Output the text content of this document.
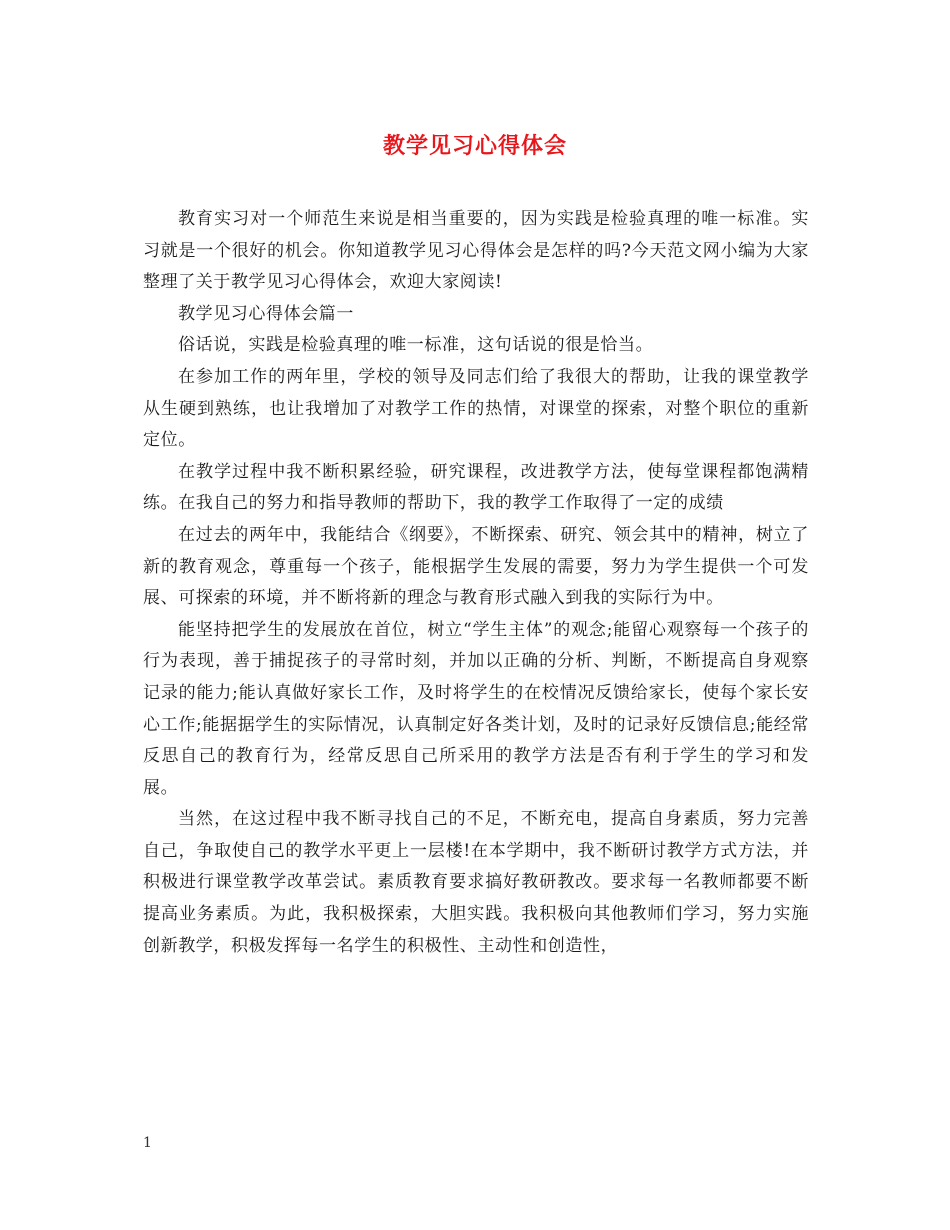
教学见习心得体会

教育实习对一个师范生来说是相当重要的，因为实践是检验真理的唯一标准。实习就是一个很好的机会。你知道教学见习心得体会是怎样的吗?今天范文网小编为大家整理了关于教学见习心得体会，欢迎大家阅读!

教学见习心得体会篇一

俗话说，实践是检验真理的唯一标准，这句话说的很是恰当。

在参加工作的两年里，学校的领导及同志们给了我很大的帮助，让我的课堂教学从生硬到熟练，也让我增加了对教学工作的热情，对课堂的探索，对整个职位的重新定位。

在教学过程中我不断积累经验，研究课程，改进教学方法，使每堂课程都饱满精练。在我自己的努力和指导教师的帮助下，我的教学工作取得了一定的成绩

在过去的两年中，我能结合《纲要》，不断探索、研究、领会其中的精神，树立了新的教育观念，尊重每一个孩子，能根据学生发展的需要，努力为学生提供一个可发展、可探索的环境，并不断将新的理念与教育形式融入到我的实际行为中。

能坚持把学生的发展放在首位，树立“学生主体”的观念;能留心观察每一个孩子的行为表现，善于捕捉孩子的寻常时刻，并加以正确的分析、判断，不断提高自身观察记录的能力;能认真做好家长工作，及时将学生的在校情况反馈给家长，使每个家长安心工作;能据据学生的实际情况，认真制定好各类计划，及时的记录好反馈信息;能经常反思自己的教育行为，经常反思自己所采用的教学方法是否有利于学生的学习和发展。

当然，在这过程中我不断寻找自己的不足，不断充电，提高自身素质，努力完善自己，争取使自己的教学水平更上一层楼!在本学期中，我不断研讨教学方式方法，并积极进行课堂教学改革尝试。素质教育要求搞好教研教改。要求每一名教师都要不断提高业务素质。为此，我积极探索，大胆实践。我积极向其他教师们学习，努力实施创新教学，积极发挥每一名学生的积极性、主动性和创造性，

1
